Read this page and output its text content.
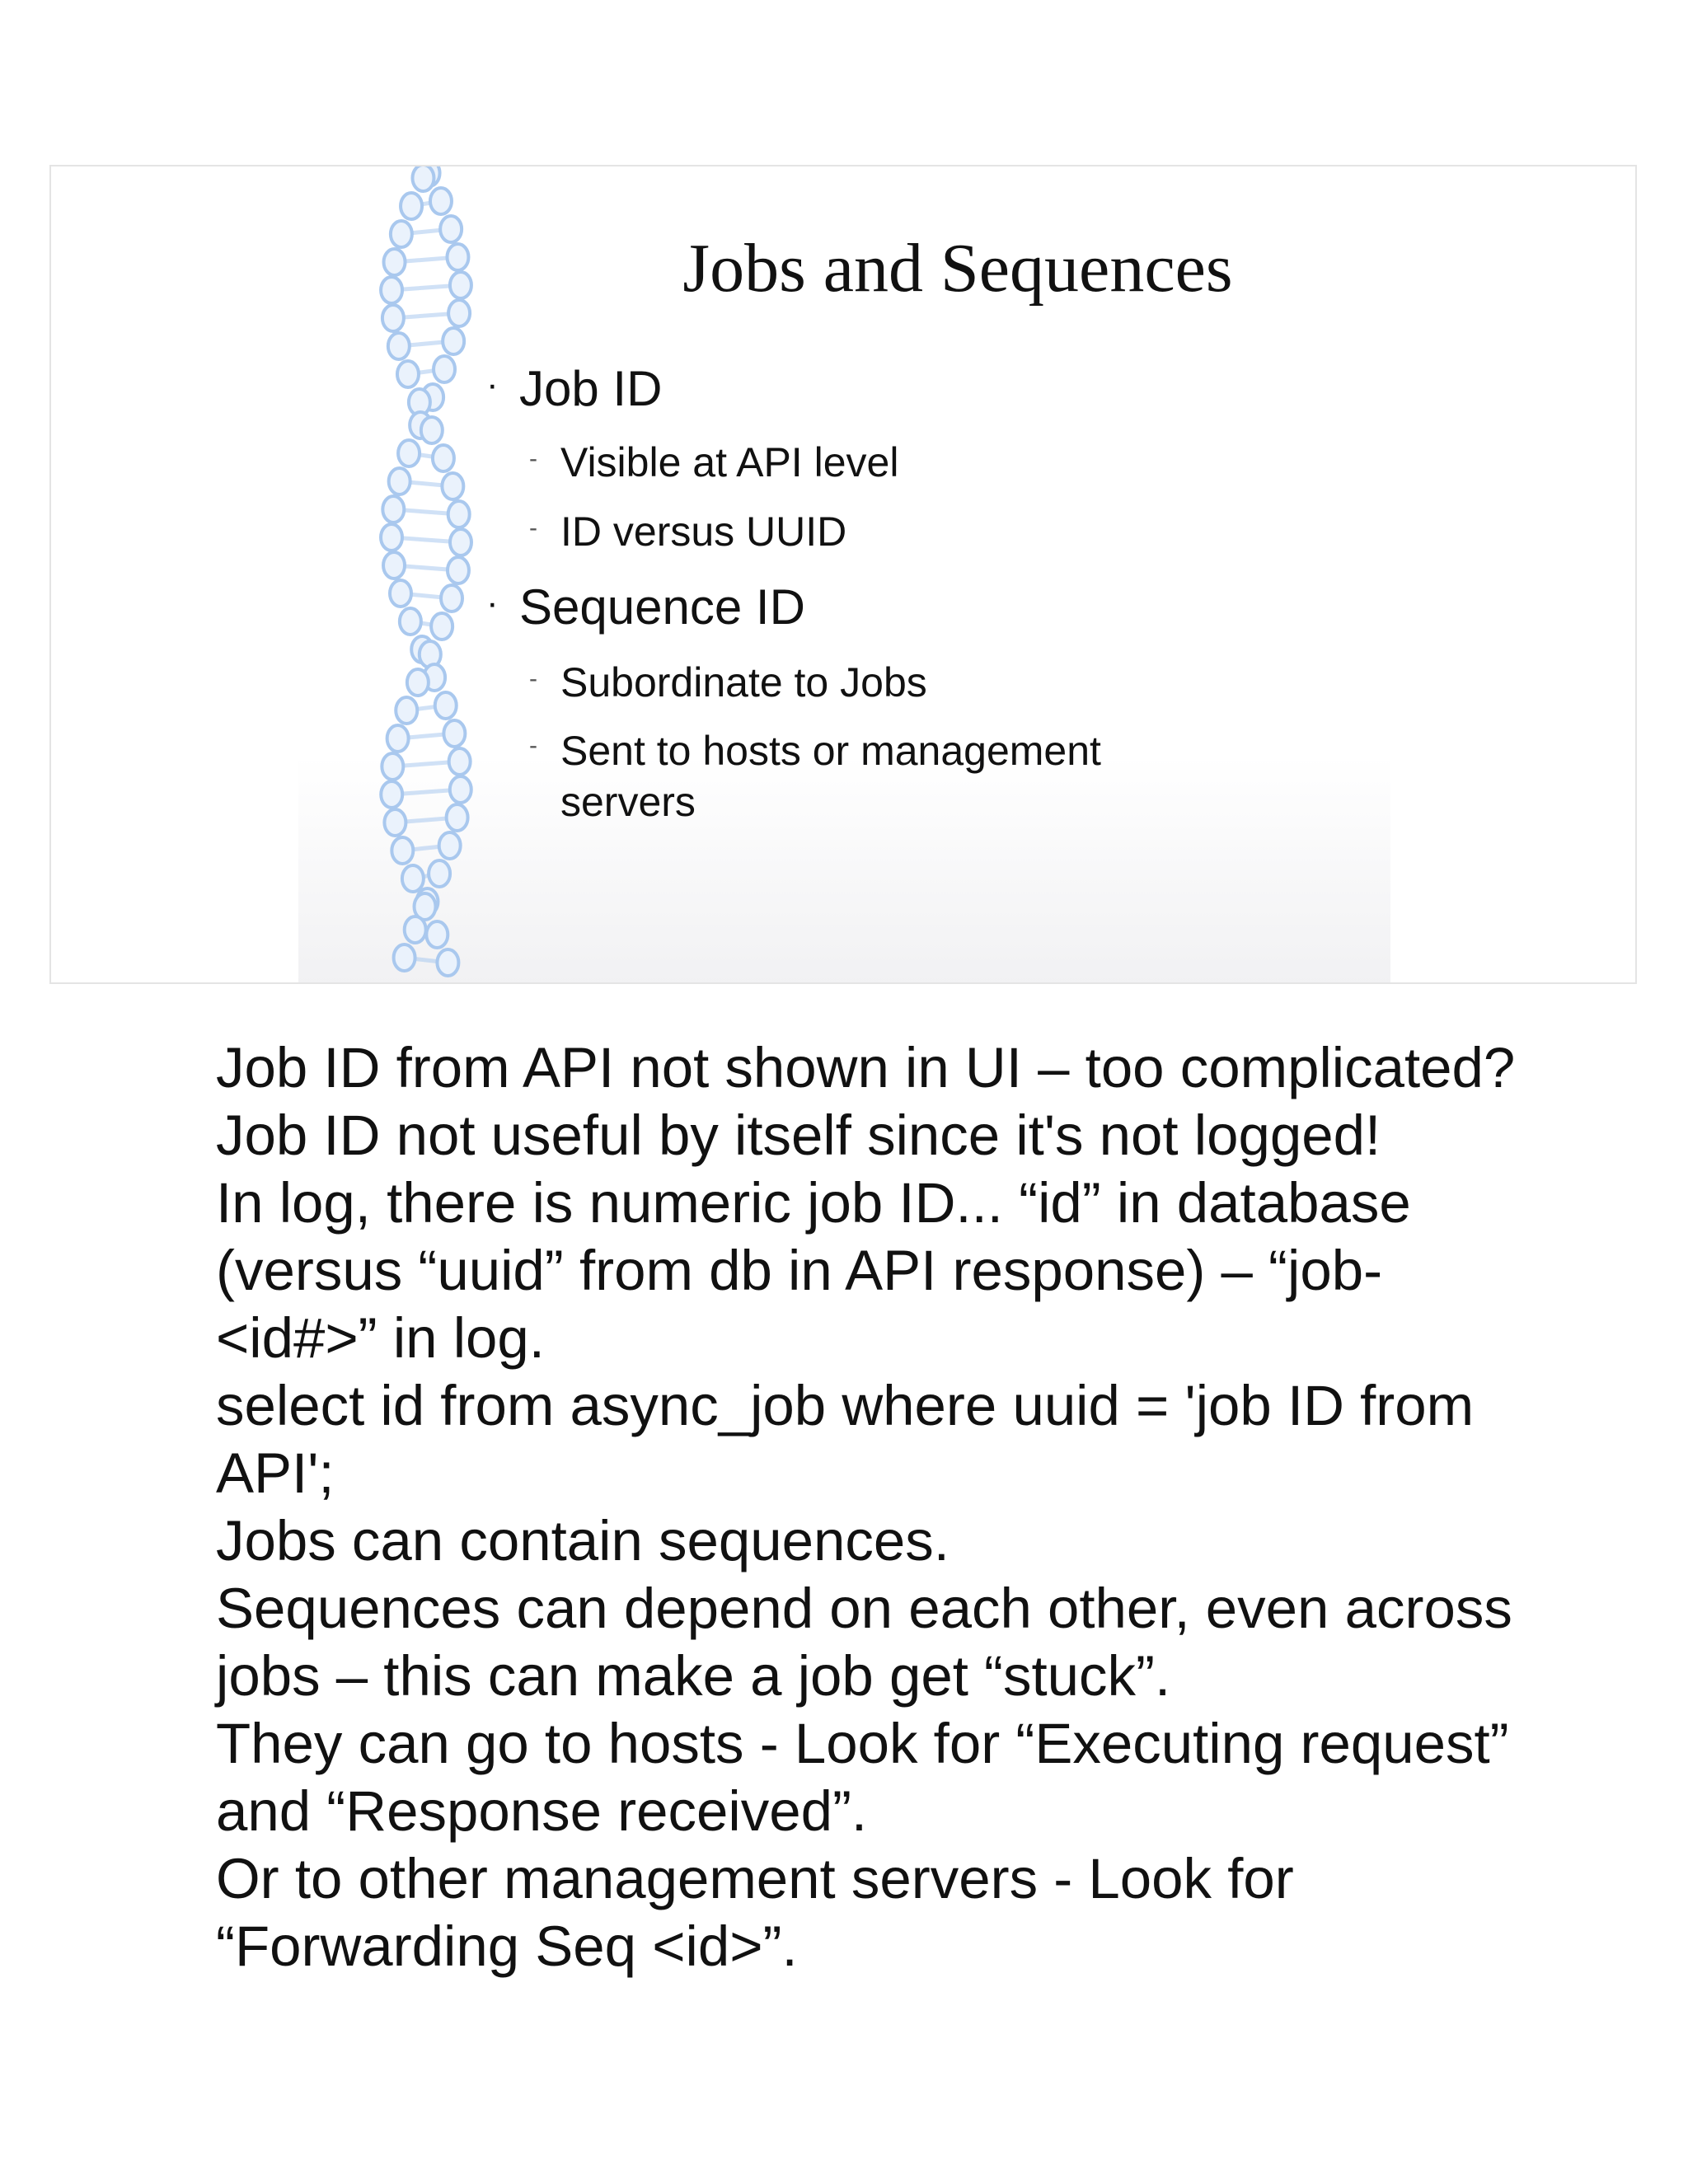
Jobs and Sequences
· Job ID
- Visible at API level
- ID versus UUID
· Sequence ID
- Subordinate to Jobs
- Sent to hosts or management servers

Job ID from API not shown in UI – too complicated?

Job ID not useful by itself since it's not logged!

In log, there is numeric job ID... “id” in database (versus “uuid” from db in API response) – “job-<id#>” in log.

select id from async_job where uuid = 'job ID from API';

Jobs can contain sequences.

Sequences can depend on each other, even across jobs – this can make a job get “stuck”.

They can go to hosts - Look for “Executing request” and “Response received”.

Or to other management servers - Look for “Forwarding Seq <id>”.
